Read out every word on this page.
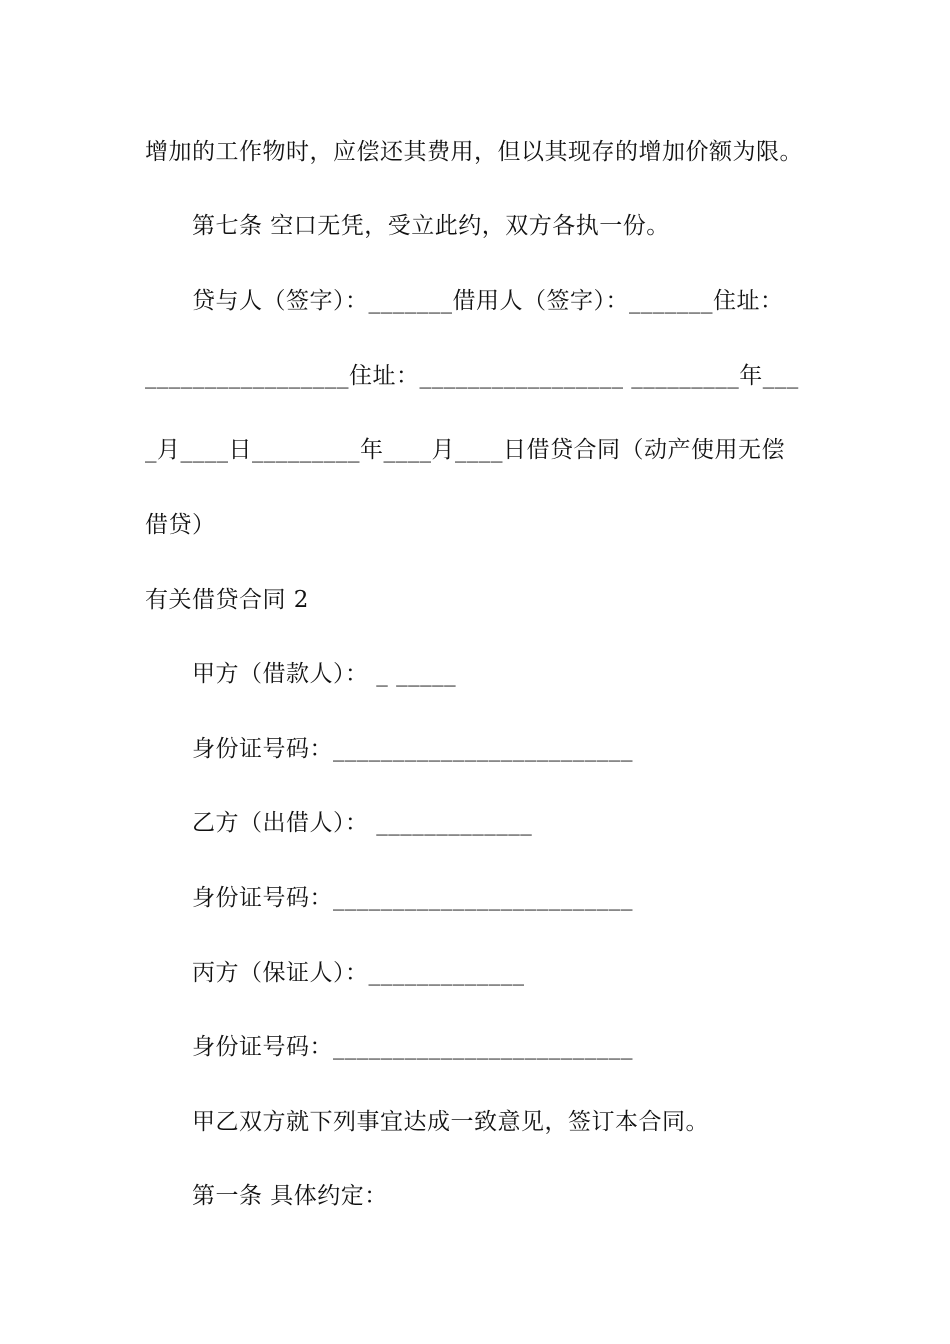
增加的工作物时，应偿还其费用，但以其现存的增加价额为限。
第七条 空口无凭，受立此约，双方各执一份。
贷与人（签字）：_______借用人（签字）：_______住址：
_________________住址：_________________ _________年___
_月____日_________年____月____日借贷合同（动产使用无偿
借贷）
有关借贷合同 2
甲方（借款人）： _ _____
身份证号码：_________________________
乙方（出借人）： _____________
身份证号码：_________________________
丙方（保证人）：_____________
身份证号码：_________________________
甲乙双方就下列事宜达成一致意见，签订本合同。
第一条 具体约定：
